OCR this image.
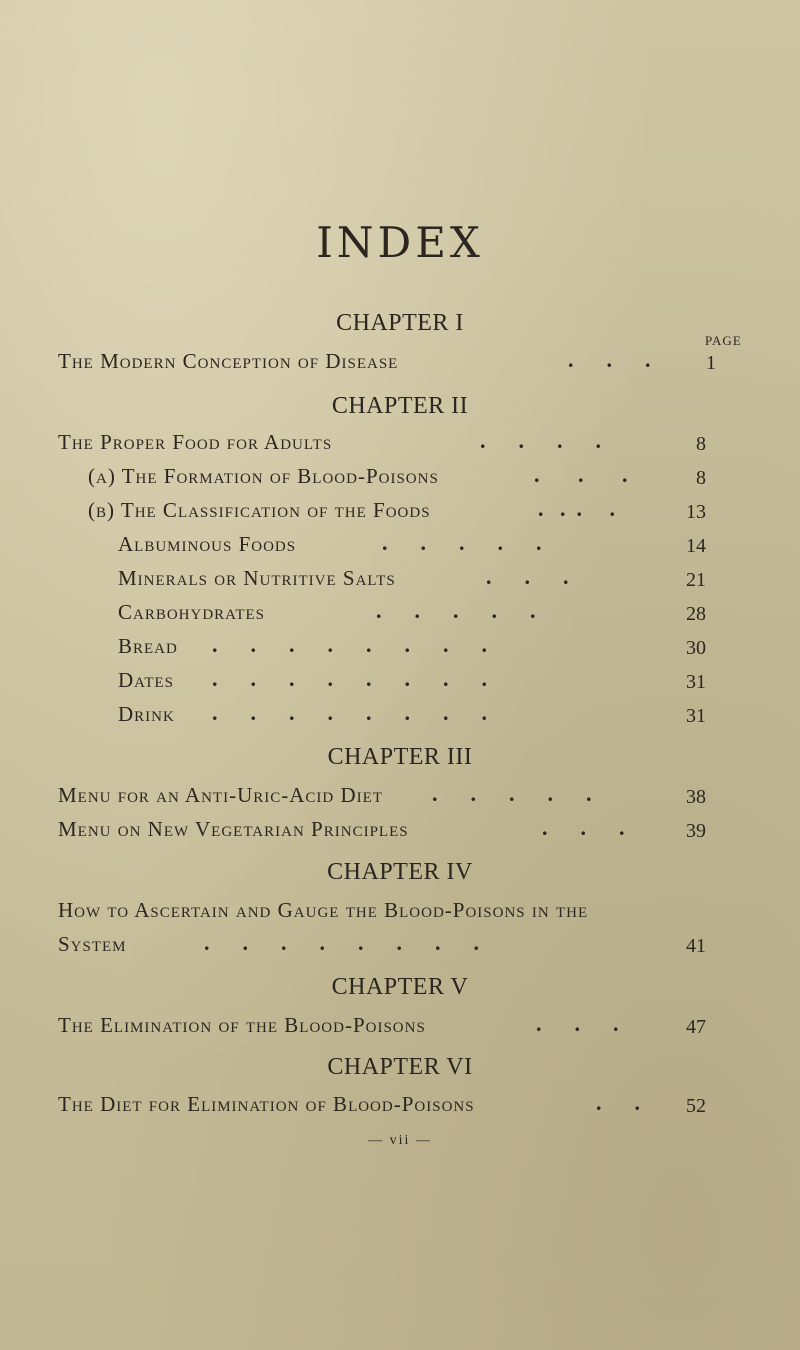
INDEX
CHAPTER I
PAGE
The Modern Conception of Disease	.      .      .	1
CHAPTER II
The Proper Food for Adults	.      .      .      .	8
(a) The Formation of Blood-Poisons	.       .       .	8
(b) The Classification of the Foods	.   .  .     .	13
Albuminous Foods	.      .      .      .      .	14
Minerals or Nutritive Salts	.      .      .	21
Carbohydrates	.      .      .      .      .	28
Bread .      .      .      .      .      .      .      .	30
Dates .      .      .      .      .      .      .      .	31
Drink .      .      .      .      .      .      .      .	31
CHAPTER III
Menu for an Anti-Uric-Acid Diet .      .      .      .      .	38
Menu on New Vegetarian Principles	.      .      .	39
CHAPTER IV
How to Ascertain and Gauge the Blood-Poisons in the
System	.      .      .      .      .      .      .      .	41
CHAPTER V
The Elimination of the Blood-Poisons	.      .      .	47
CHAPTER VI
The Diet for Elimination of Blood-Poisons	.      .	52
— vii —
